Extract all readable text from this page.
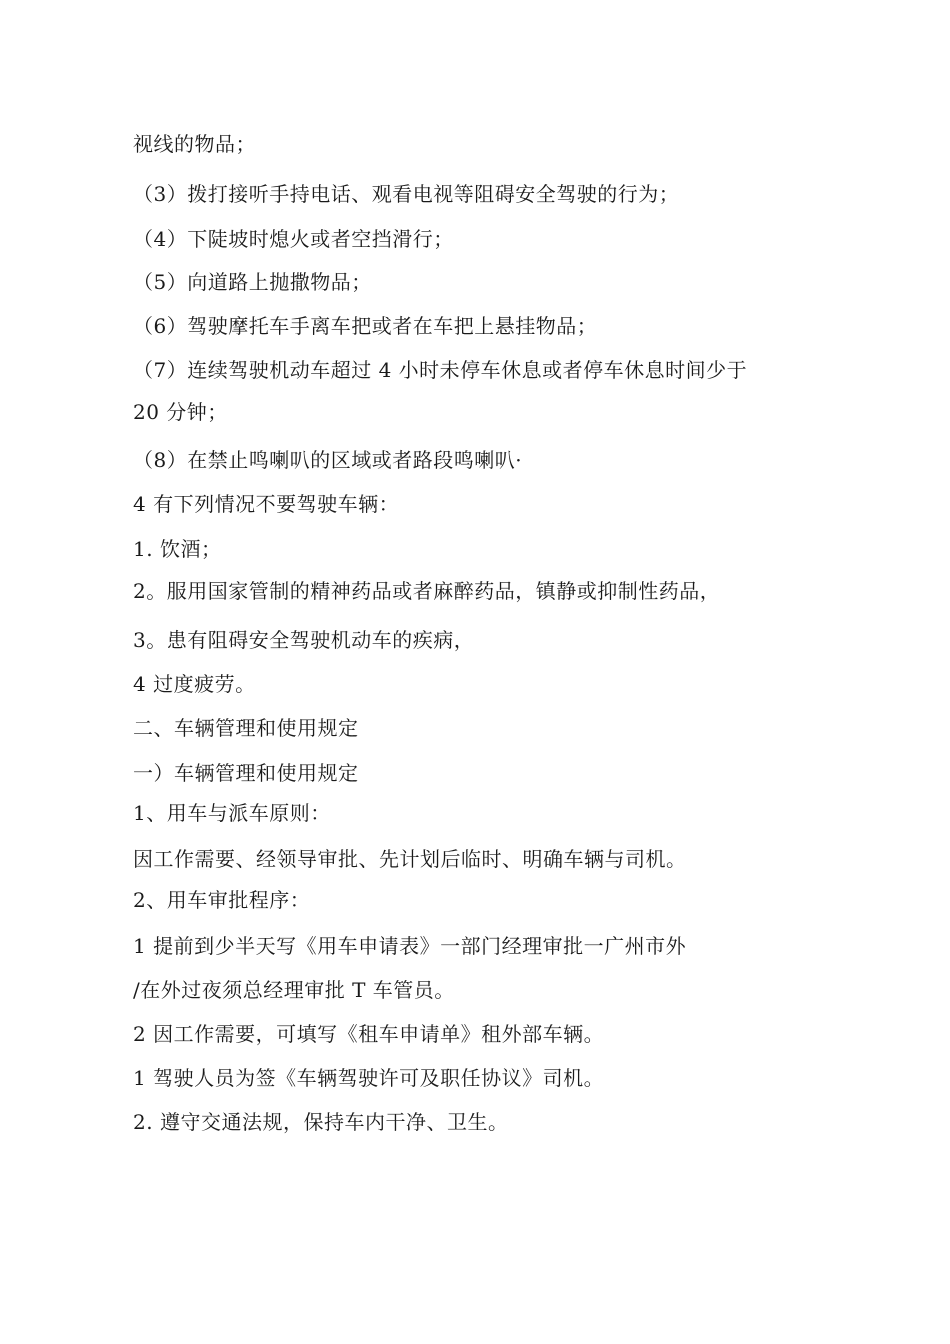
视线的物品；
（3）拨打接听手持电话、观看电视等阻碍安全驾驶的行为；
（4）下陡坡时熄火或者空挡滑行；
（5）向道路上抛撒物品；
（6）驾驶摩托车手离车把或者在车把上悬挂物品；
（7）连续驾驶机动车超过 4 小时未停车休息或者停车休息时间少于
20 分钟；
（8）在禁止鸣喇叭的区域或者路段鸣喇叭·
4 有下列情况不要驾驶车辆：
1. 饮酒；
2。服用国家管制的精神药品或者麻醉药品，镇静或抑制性药品，
3。患有阻碍安全驾驶机动车的疾病，
4 过度疲劳。
二、车辆管理和使用规定
一）车辆管理和使用规定
1、用车与派车原则：
因工作需要、经领导审批、先计划后临时、明确车辆与司机。
2、用车审批程序：
1 提前到少半天写《用车申请表》一部门经理审批一广州市外
/在外过夜须总经理审批 T 车管员。
2 因工作需要，可填写《租车申请单》租外部车辆。
1 驾驶人员为签《车辆驾驶许可及职任协议》司机。
2. 遵守交通法规，保持车内干净、卫生。
